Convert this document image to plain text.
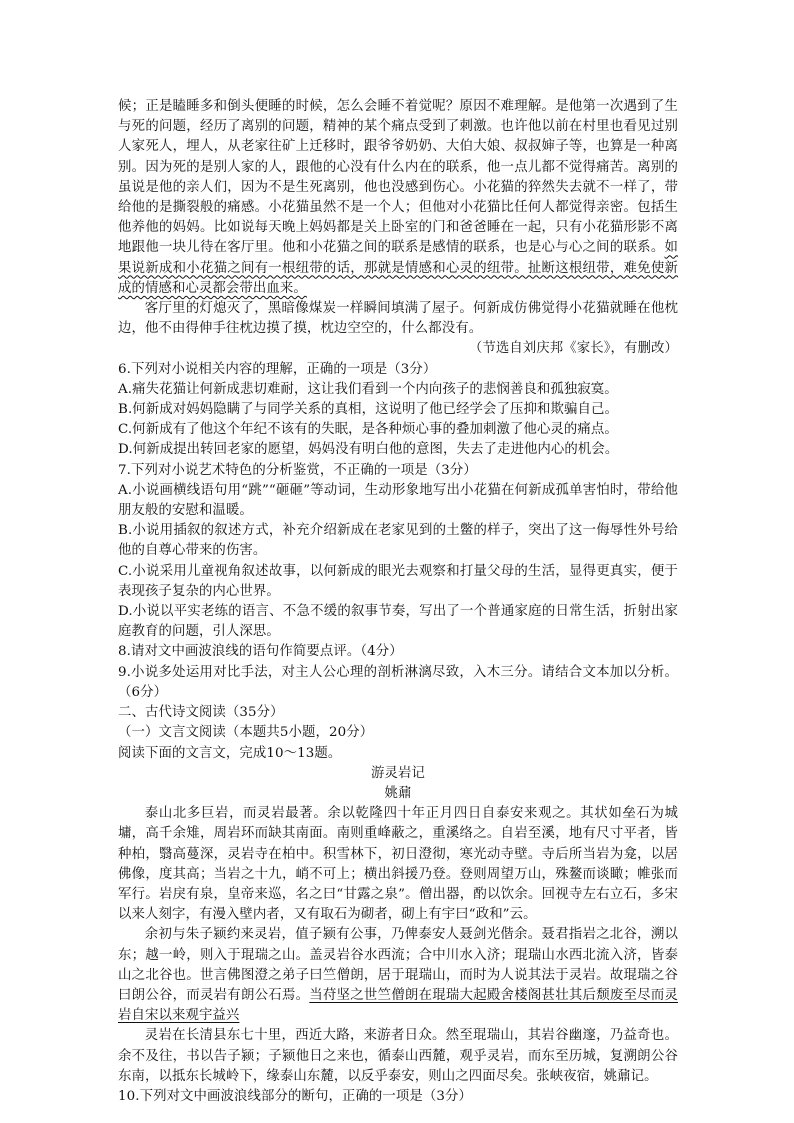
候；正是瞌睡多和倒头便睡的时候，怎么会睡不着觉呢？原因不难理解。是他第一次遇到了生与死的问题，经历了离别的问题，精神的某个痛点受到了刺激。也许他以前在村里也看见过别人家死人，埋人，从老家往矿上迁移时，跟爷爷奶奶、大伯大娘、叔叔婶子等，也算是一种离别。因为死的是别人家的人，跟他的心没有什么内在的联系，他一点儿都不觉得痛苦。离别的虽说是他的亲人们，因为不是生死离别，他也没感到伤心。小花猫的猝然失去就不一样了，带给他的是撕裂般的痛感。小花猫虽然不是一个人；但他对小花猫比任何人都觉得亲密。包括生他养他的妈妈。比如说每天晚上妈妈都是关上卧室的门和爸爸睡在一起，只有小花猫形影不离地跟他一块儿待在客厅里。他和小花猫之间的联系是感情的联系，也是心与心之间的联系。如果说新成和小花猫之间有一根纽带的话，那就是情感和心灵的纽带。扯断这根纽带，难免使新成的情感和心灵都会带出血来。

客厅里的灯熄灭了，黑暗像煤炭一样瞬间填满了屋子。何新成仿佛觉得小花猫就睡在他枕边，他不由得伸手往枕边摸了摸，枕边空空的，什么都没有。

（节选自刘庆邦《家长》，有删改）

6.下列对小说相关内容的理解，正确的一项是（3分）

A.痛失花猫让何新成悲切难耐，这让我们看到一个内向孩子的悲悯善良和孤独寂寞。

B.何新成对妈妈隐瞒了与同学关系的真相，这说明了他已经学会了压抑和欺骗自己。

C.何新成有了他这个年纪不该有的失眠，是各种烦心事的叠加刺激了他心灵的痛点。

D.何新成提出转回老家的愿望，妈妈没有明白他的意图，失去了走进他内心的机会。

7.下列对小说艺术特色的分析鉴赏，不正确的一项是（3分）

A.小说画横线语句用“跳”“砸砸”等动词，生动形象地写出小花猫在何新成孤单害怕时，带给他朋友般的安慰和温暖。

B.小说用插叙的叙述方式，补充介绍新成在老家见到的土鳖的样子，突出了这一侮辱性外号给他的自尊心带来的伤害。

C.小说采用儿童视角叙述故事，以何新成的眼光去观察和打量父母的生活，显得更真实，便于表现孩子复杂的内心世界。

D.小说以平实老练的语言、不急不缓的叙事节奏，写出了一个普通家庭的日常生活，折射出家庭教育的问题，引人深思。

8.请对文中画波浪线的语句作简要点评。（4分）

9.小说多处运用对比手法，对主人公心理的剖析淋漓尽致，入木三分。请结合文本加以分析。（6分）

二、古代诗文阅读（35分）

（一）文言文阅读（本题共5小题，20分）

阅读下面的文言文，完成10～13题。

游灵岩记

姚鼐

泰山北多巨岩，而灵岩最著。余以乾隆四十年正月四日自泰安来观之。其状如垒石为城墉，高千余雉，周岩环而缺其南面。南则重峰蔽之，重溪络之。自岩至溪，地有尺寸平者，皆种柏，翳高蔓深，灵岩寺在柏中。积雪林下，初日澄彻，寒光动寺壁。寺后所当岩为龛，以居佛像，度其高；当岩之十九，峭不可上；横出斜援乃登。登则周望万山，殊鳌而谈瞰；帷张而军行。岩戾有泉，皇帝来巡，名之曰“甘露之泉”。僧出器，酌以饮余。回视寺左右立石，多宋以来人刻字，有漫入壁内者，又有取石为砌者，砌上有宇曰“政和”云。

余初与朱子颍约来灵岩，值子颍有公事，乃俾泰安人聂剑光偕余。聂君指岩之北谷，溯以东；越一岭，则入于琨瑞之山。盖灵岩谷水西流；合中川水入济；琨瑞山水西北流入济，皆泰山之北谷也。世言佛图澄之弟子曰竺僧朗，居于琨瑞山，而时为人说其法于灵岩。故琨瑞之谷曰朗公谷，而灵岩有朗公石焉。当苻坚之世竺僧朗在琨瑞大起殿舍楼阁甚壮其后颓废至尽而灵岩自宋以来观宇益兴

灵岩在长清县东七十里，西近大路，来游者日众。然至琨瑞山，其岩谷幽邃，乃益奇也。余不及往，书以告子颍；子颍他日之来也，循泰山西麓，观乎灵岩，而东至历城，复溯朗公谷东南，以抵东长城岭下，缘泰山东麓，以反乎泰安，则山之四面尽矣。张峡夜宿，姚鼐记。

10.下列对文中画波浪线部分的断句，正确的一项是（3分）
